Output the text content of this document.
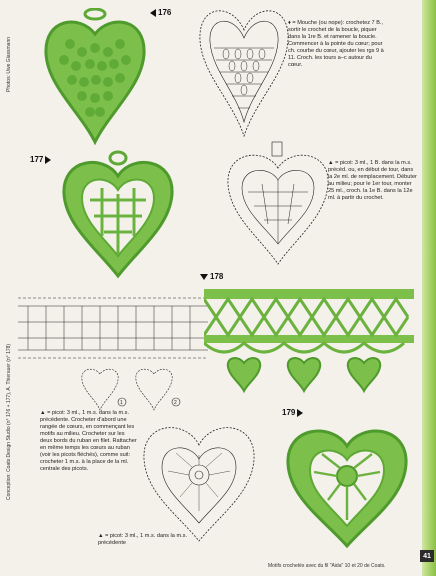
Photos: Uwe Glassmann
Conception: Coats Design Studio (n° 176 + 177), A. Thierauer (n° 178)
176
♦ = Mouche (ou nope): crochetez 7 B., sortir le crochet de la boucle, piquer dans la 1re B. et ramener la boucle. Commencer à la pointe du cœur; pour ch. courbe du cœur, ajouter les rgs 9 à 11. Croch. les tours a–c autour du cœur.
177	▲ = picot: 3 ml., 1 B. dans la m.s. précéd. ou, en début de tour, dans la 2e ml. de remplacement. Débuter au milieu; pour le 1er tour, monter 25 ml., croch. la 1e B. dans la 12e ml. à partir du crochet.
178
1	2
▲ = picot: 3 ml., 1 m.s. dans la m.s. précédente. Crocheter d'abord une rangée de cœurs, en commençant les motifs au milieu. Crocheter sur les deux bords du ruban en filet. Rattacher en même temps les cœurs au ruban (voir les picots fléchés), comme suit: crocheter 1 m.s. à la place de la ml. centrale des picots.
179
▲ = picot: 3 ml., 1 m.s. dans la m.s. précédente
Motifs crochetés avec du fil "Aida" 10 et 20 de Coats.
41
